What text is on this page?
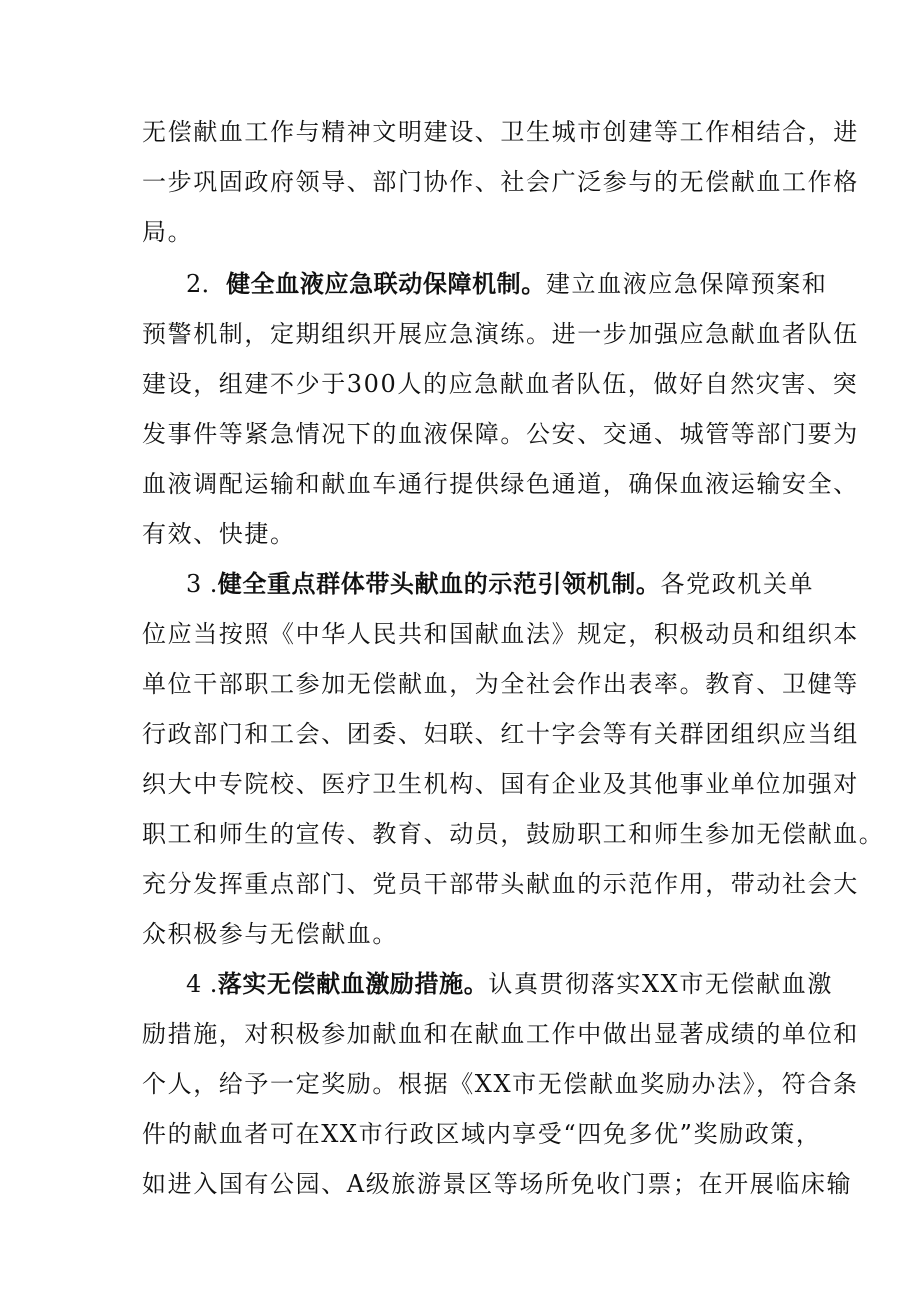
无偿献血工作与精神文明建设、卫生城市创建等工作相结合，进
一步巩固政府领导、部门协作、社会广泛参与的无偿献血工作格
局。
2．健全血液应急联动保障机制。建立血液应急保障预案和
预警机制，定期组织开展应急演练。进一步加强应急献血者队伍
建设，组建不少于300人的应急献血者队伍，做好自然灾害、突
发事件等紧急情况下的血液保障。公安、交通、城管等部门要为
血液调配运输和献血车通行提供绿色通道，确保血液运输安全、
有效、快捷。
3 .健全重点群体带头献血的示范引领机制。各党政机关单
位应当按照《中华人民共和国献血法》规定，积极动员和组织本
单位干部职工参加无偿献血，为全社会作出表率。教育、卫健等
行政部门和工会、团委、妇联、红十字会等有关群团组织应当组
织大中专院校、医疗卫生机构、国有企业及其他事业单位加强对
职工和师生的宣传、教育、动员，鼓励职工和师生参加无偿献血。
充分发挥重点部门、党员干部带头献血的示范作用，带动社会大
众积极参与无偿献血。
4 .落实无偿献血激励措施。认真贯彻落实XX市无偿献血激
励措施，对积极参加献血和在献血工作中做出显著成绩的单位和
个人，给予一定奖励。根据《XX市无偿献血奖励办法》，符合条
件的献血者可在XX市行政区域内享受“四免多优”奖励政策，
如进入国有公园、A级旅游景区等场所免收门票；在开展临床输
